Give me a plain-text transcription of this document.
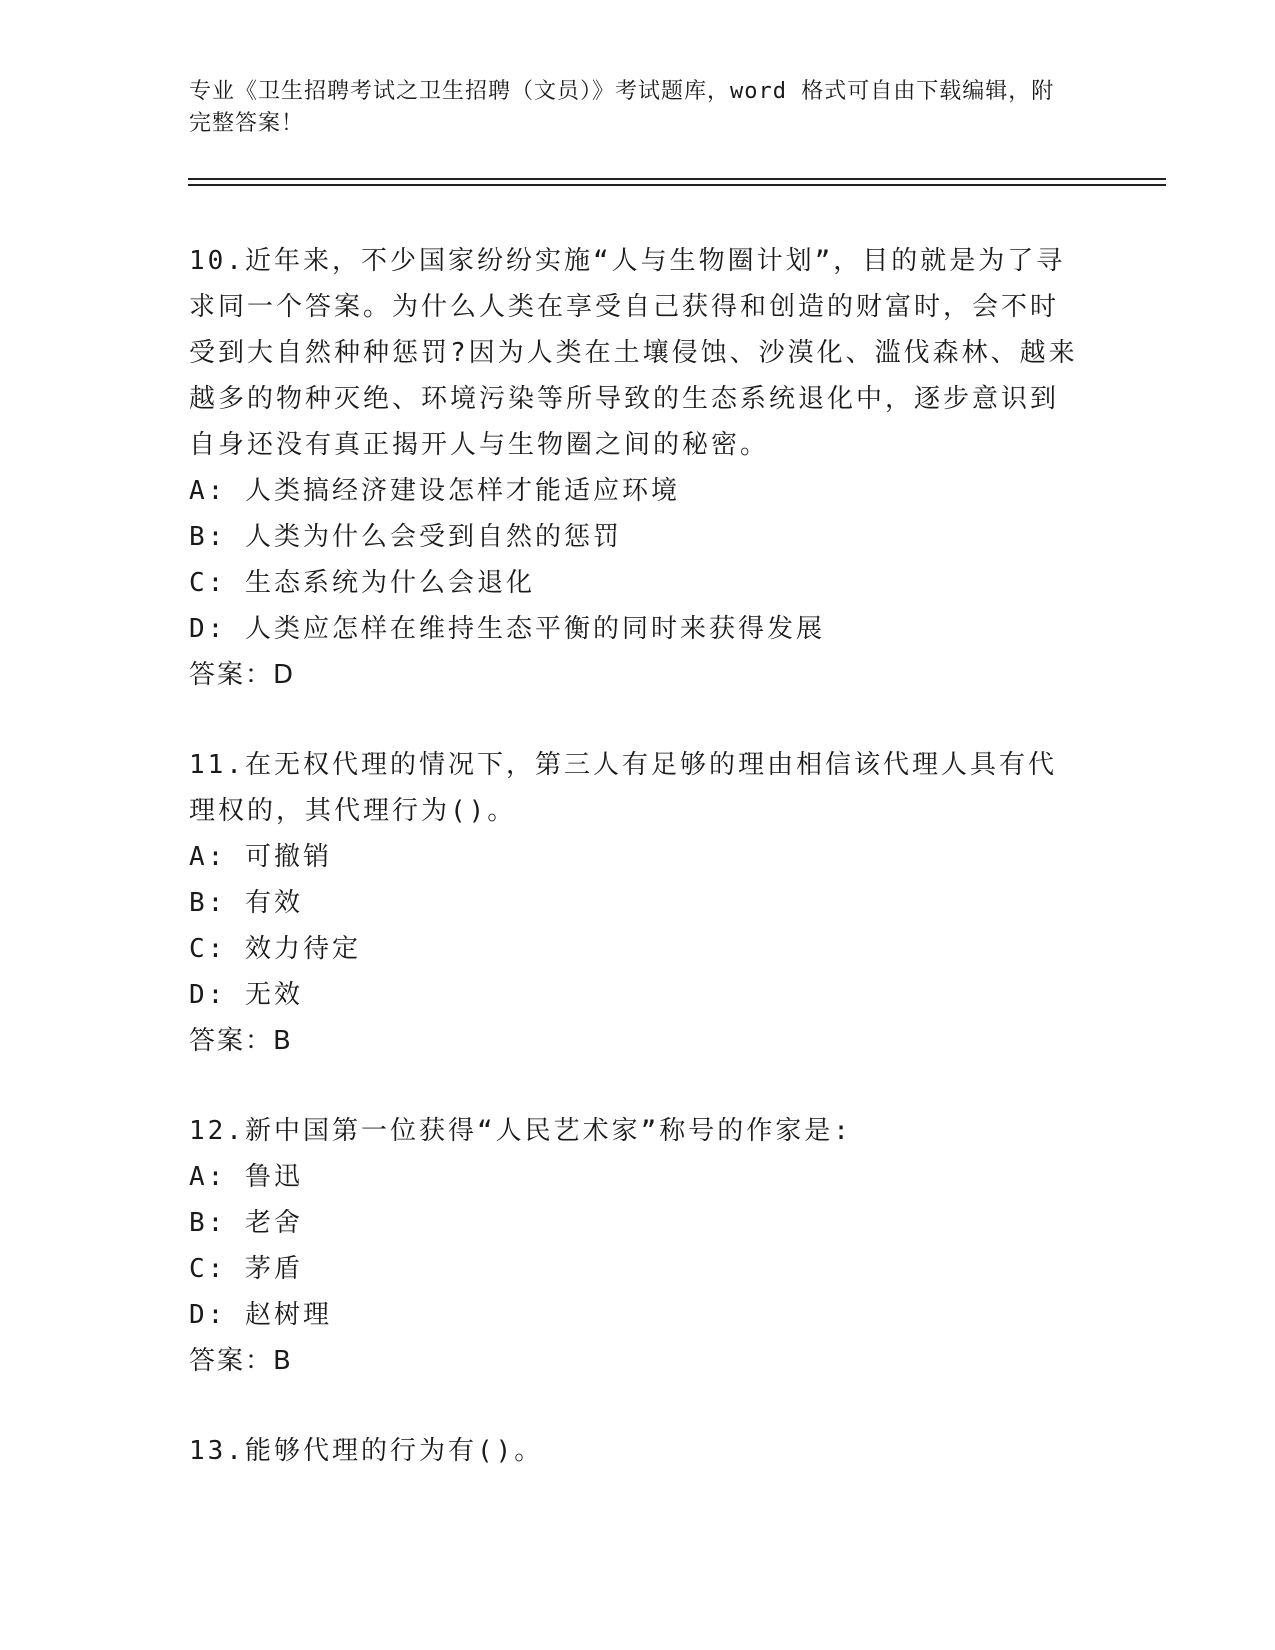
专业《卫生招聘考试之卫生招聘（文员）》考试题库，word 格式可自由下载编辑，附完整答案！
10.近年来，不少国家纷纷实施“人与生物圈计划”，目的就是为了寻求同一个答案。为什么人类在享受自己获得和创造的财富时，会不时受到大自然种种惩罚?因为人类在土壤侵蚀、沙漠化、滥伐森林、越来越多的物种灭绝、环境污染等所导致的生态系统退化中，逐步意识到自身还没有真正揭开人与生物圈之间的秘密。
A: 人类搞经济建设怎样才能适应环境
B: 人类为什么会受到自然的惩罚
C: 生态系统为什么会退化
D: 人类应怎样在维持生态平衡的同时来获得发展
答案：D
11.在无权代理的情况下，第三人有足够的理由相信该代理人具有代理权的，其代理行为()。
A: 可撤销
B: 有效
C: 效力待定
D: 无效
答案：B
12.新中国第一位获得“人民艺术家”称号的作家是:
A: 鲁迅
B: 老舍
C: 茅盾
D: 赵树理
答案：B
13.能够代理的行为有()。
